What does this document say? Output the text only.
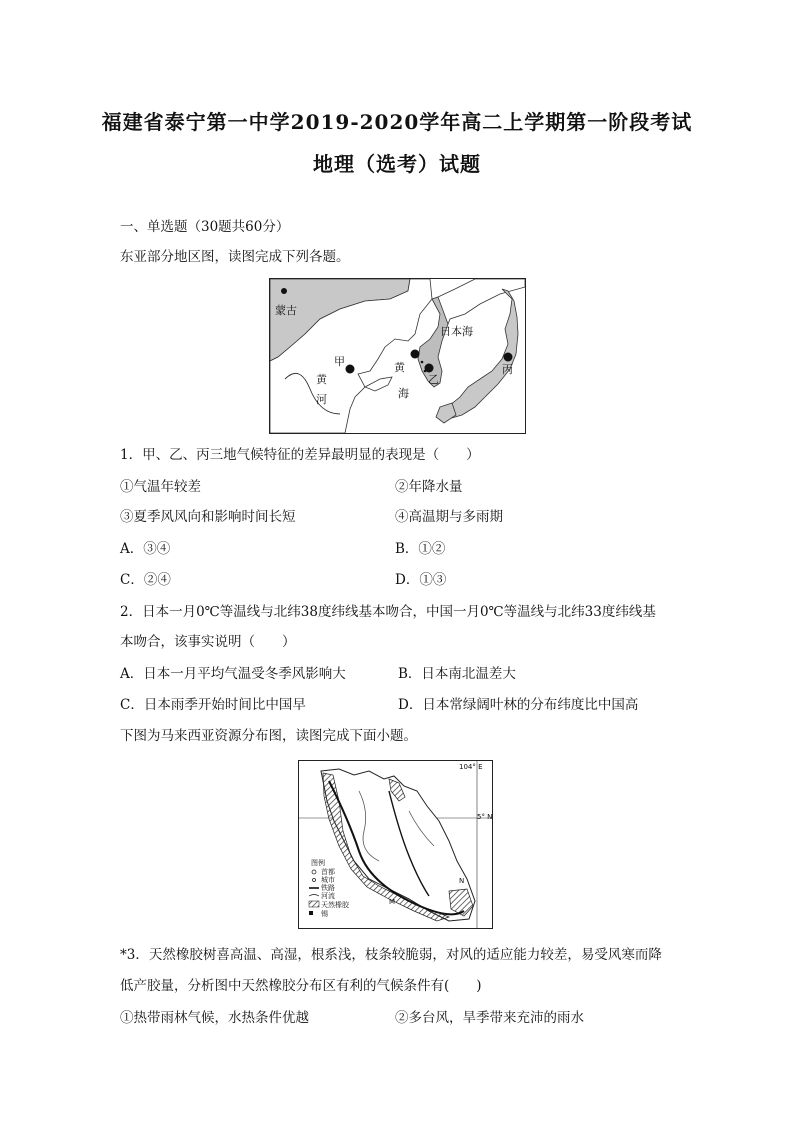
福建省泰宁第一中学2019-2020学年高二上学期第一阶段考试
地理（选考）试题
一、单选题（30题共60分）
东亚部分地区图，读图完成下列各题。
蒙古
甲
乙
丙
日本海
黄
河
黄
海
1．甲、乙、丙三地气候特征的差异最明显的表现是（　　）
①气温年较差	②年降水量
③夏季风风向和影响时间长短	④高温期与多雨期
A．③④	B．①②
C．②④	D．①③
2．日本一月0℃等温线与北纬38度纬线基本吻合，中国一月0℃等温线与北纬33度纬线基
本吻合，该事实说明（　　）
A．日本一月平均气温受冬季风影响大	B．日本南北温差大
C．日本雨季开始时间比中国早	D．日本常绿阔叶林的分布纬度比中国高
下图为马来西亚资源分布图，读图完成下面小题。
104° E
5° N
N
M
图例
首都
城市
铁路
河流
天然橡胶
锡
*3．天然橡胶树喜高温、高湿，根系浅，枝条较脆弱，对风的适应能力较差，易受风寒而降
低产胶量，分析图中天然橡胶分布区有利的气候条件有(　　)
①热带雨林气候，水热条件优越	②多台风，旱季带来充沛的雨水
